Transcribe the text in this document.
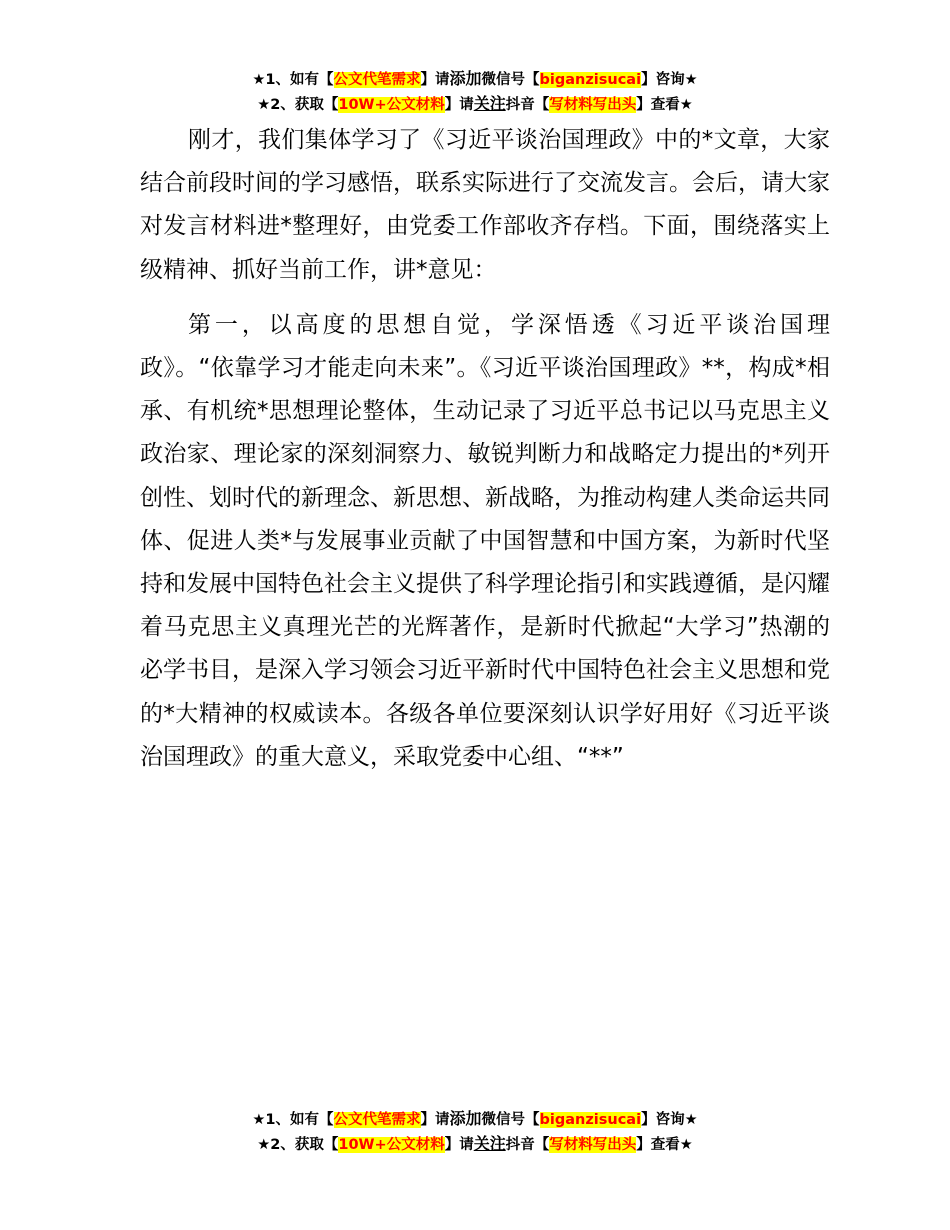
★1、如有【公文代笔需求】请添加微信号【biganzisucai】咨询★
★2、获取【10W+公文材料】请关注抖音【写材料写出头】查看★

刚才，我们集体学习了《习近平谈治国理政》中的*文章，大家结合前段时间的学习感悟，联系实际进行了交流发言。会后，请大家对发言材料进*整理好，由党委工作部收齐存档。下面，围绕落实上级精神、抓好当前工作，讲*意见：

第一，以高度的思想自觉，学深悟透《习近平谈治国理政》。“依靠学习才能走向未来”。《习近平谈治国理政》**，构成*相承、有机统*思想理论整体，生动记录了习近平总书记以马克思主义政治家、理论家的深刻洞察力、敏锐判断力和战略定力提出的*列开创性、划时代的新理念、新思想、新战略，为推动构建人类命运共同体、促进人类*与发展事业贡献了中国智慧和中国方案，为新时代坚持和发展中国特色社会主义提供了科学理论指引和实践遵循，是闪耀着马克思主义真理光芒的光辉著作，是新时代掀起“大学习”热潮的必学书目，是深入学习领会习近平新时代中国特色社会主义思想和党的*大精神的权威读本。各级各单位要深刻认识学好用好《习近平谈治国理政》的重大意义，采取党委中心组、“**”

★1、如有【公文代笔需求】请添加微信号【biganzisucai】咨询★
★2、获取【10W+公文材料】请关注抖音【写材料写出头】查看★
